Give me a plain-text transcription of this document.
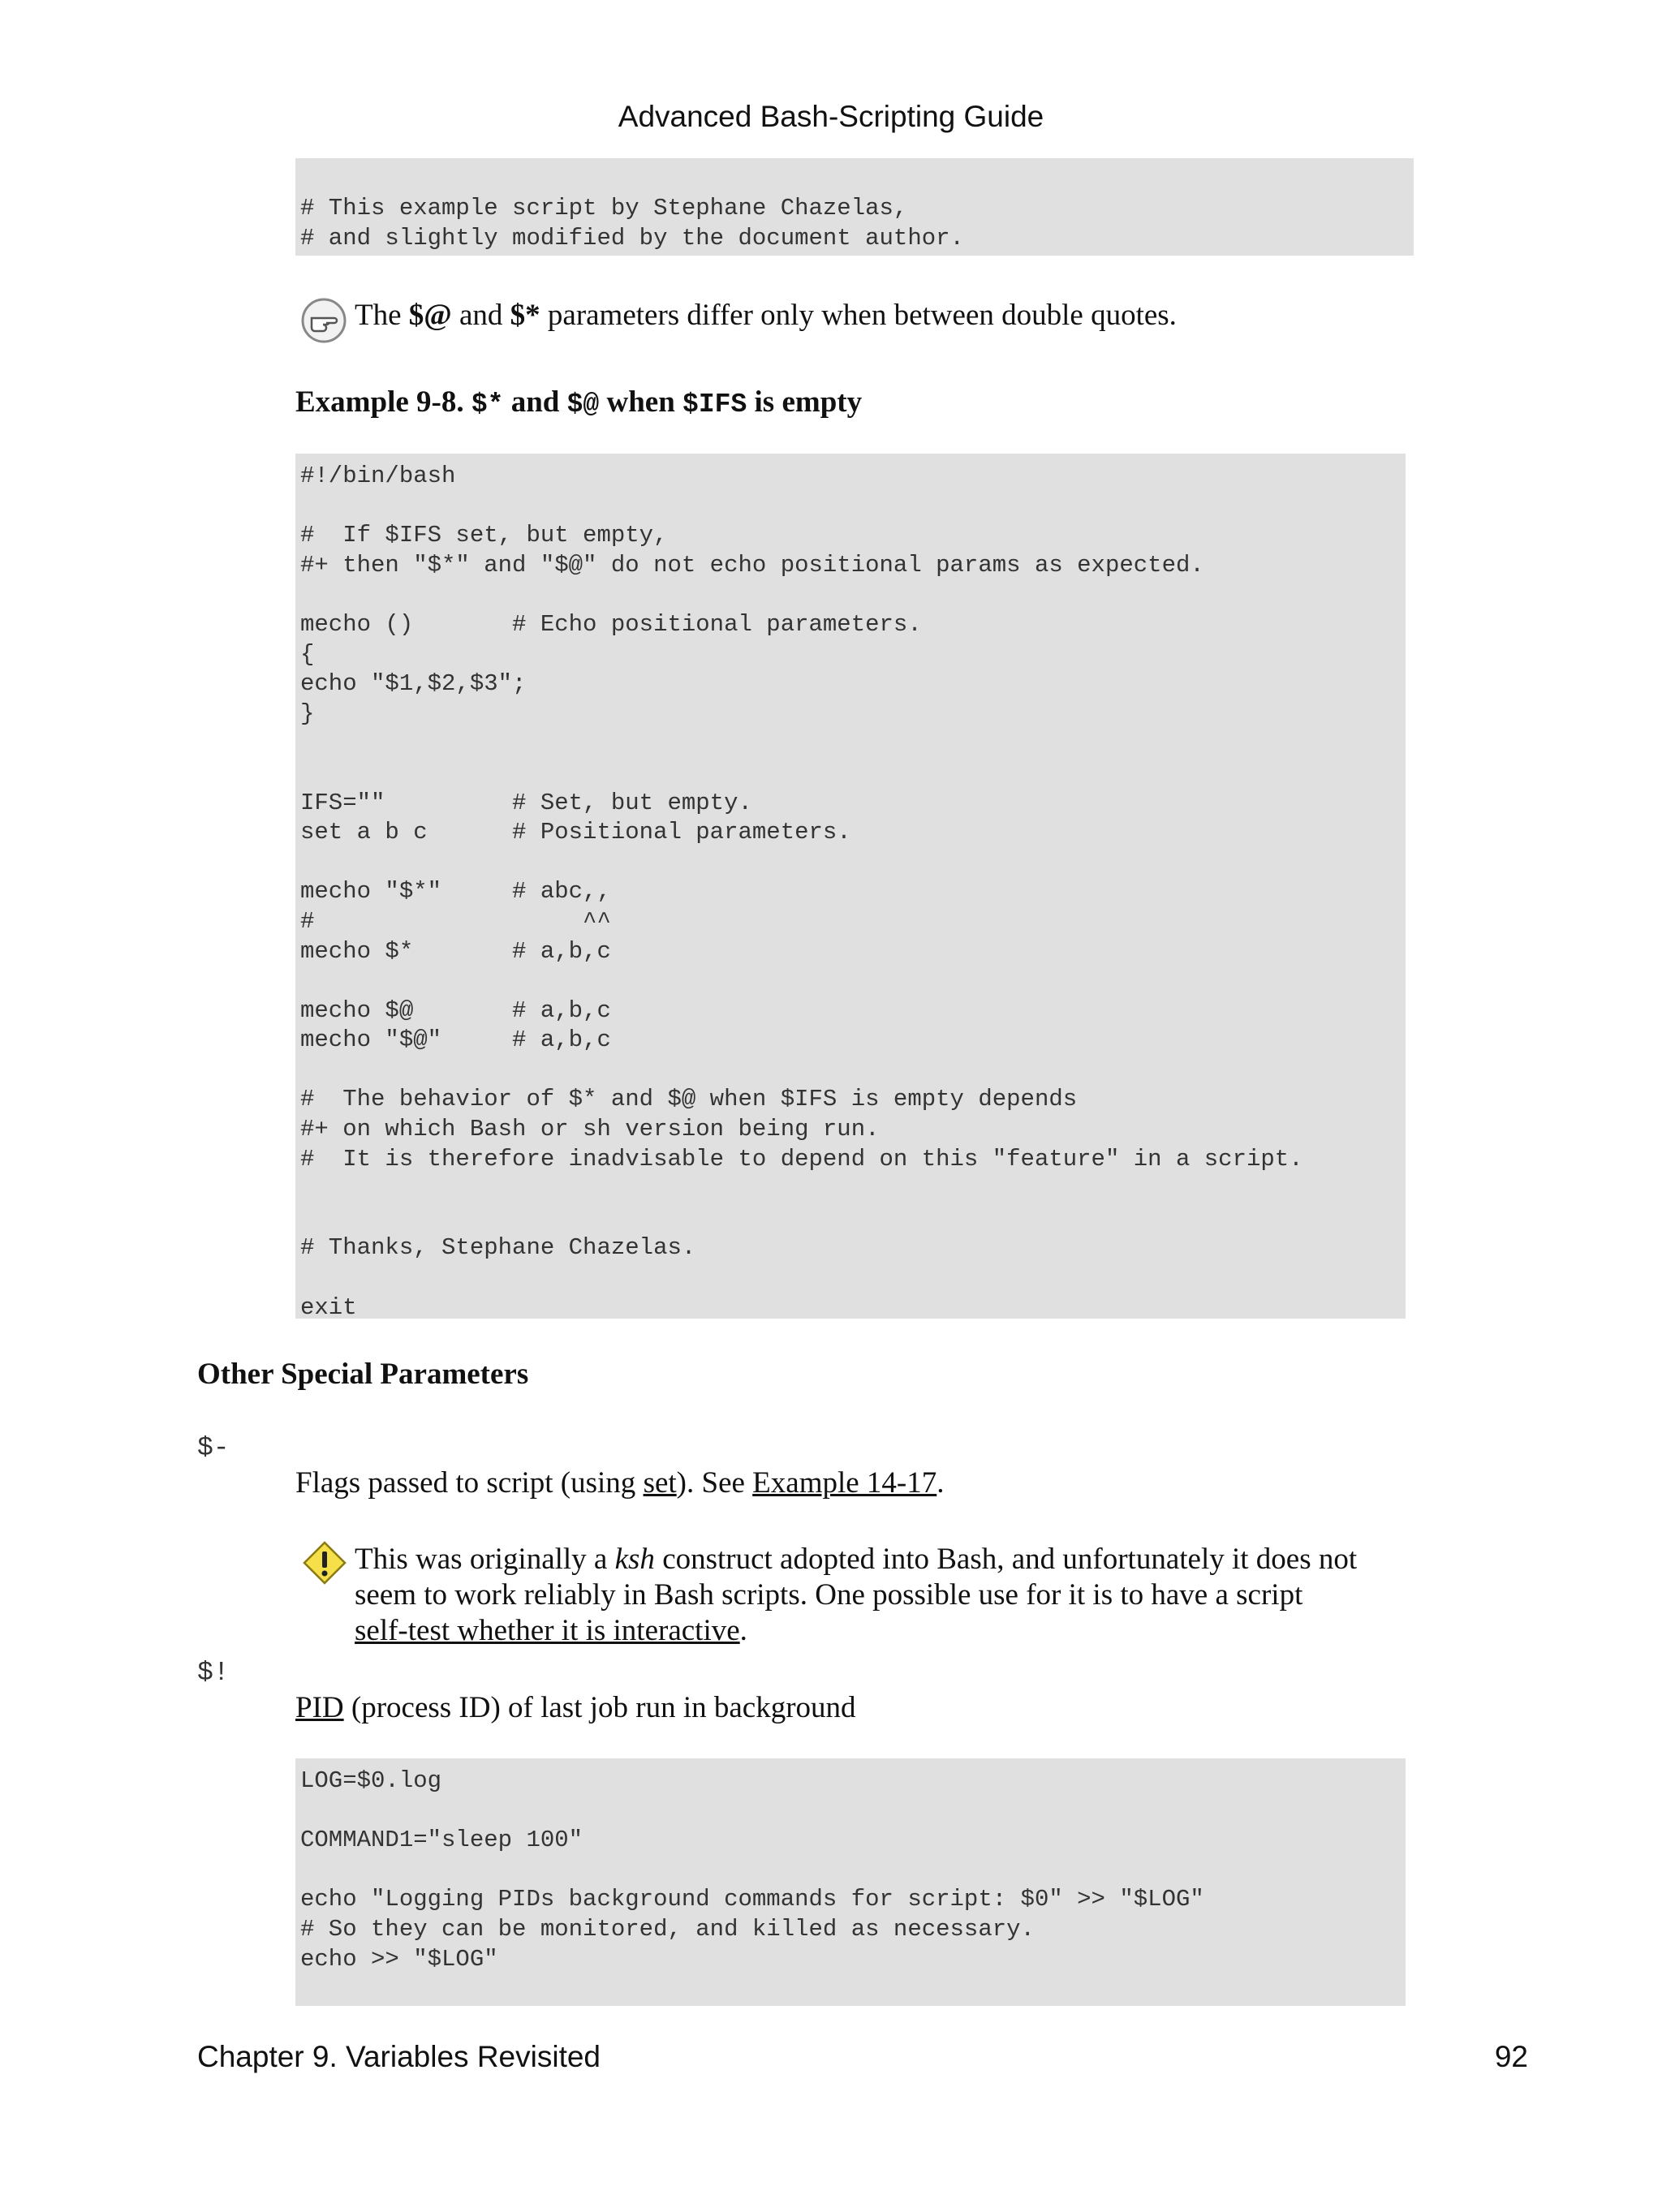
Advanced Bash-Scripting Guide
# This example script by Stephane Chazelas,
# and slightly modified by the document author.
The $@ and $* parameters differ only when between double quotes.
Example 9-8. $* and $@ when $IFS is empty
#!/bin/bash

#  If $IFS set, but empty,
#+ then "$*" and "$@" do not echo positional params as expected.

mecho ()       # Echo positional parameters.
{
echo "$1,$2,$3";
}

IFS=""         # Set, but empty.
set a b c      # Positional parameters.

mecho "$*"     # abc,,
#                   ^^
mecho $*       # a,b,c

mecho $@       # a,b,c
mecho "$@"     # a,b,c

#  The behavior of $* and $@ when $IFS is empty depends
#+ on which Bash or sh version being run.
#  It is therefore inadvisable to depend on this "feature" in a script.

# Thanks, Stephane Chazelas.

exit
Other Special Parameters
$-
Flags passed to script (using set). See Example 14-17.
This was originally a ksh construct adopted into Bash, and unfortunately it does not
seem to work reliably in Bash scripts. One possible use for it is to have a script
self-test whether it is interactive.
$!
PID (process ID) of last job run in background
LOG=$0.log

COMMAND1="sleep 100"

echo "Logging PIDs background commands for script: $0" >> "$LOG"
# So they can be monitored, and killed as necessary.
echo >> "$LOG"
Chapter 9. Variables Revisited	92
